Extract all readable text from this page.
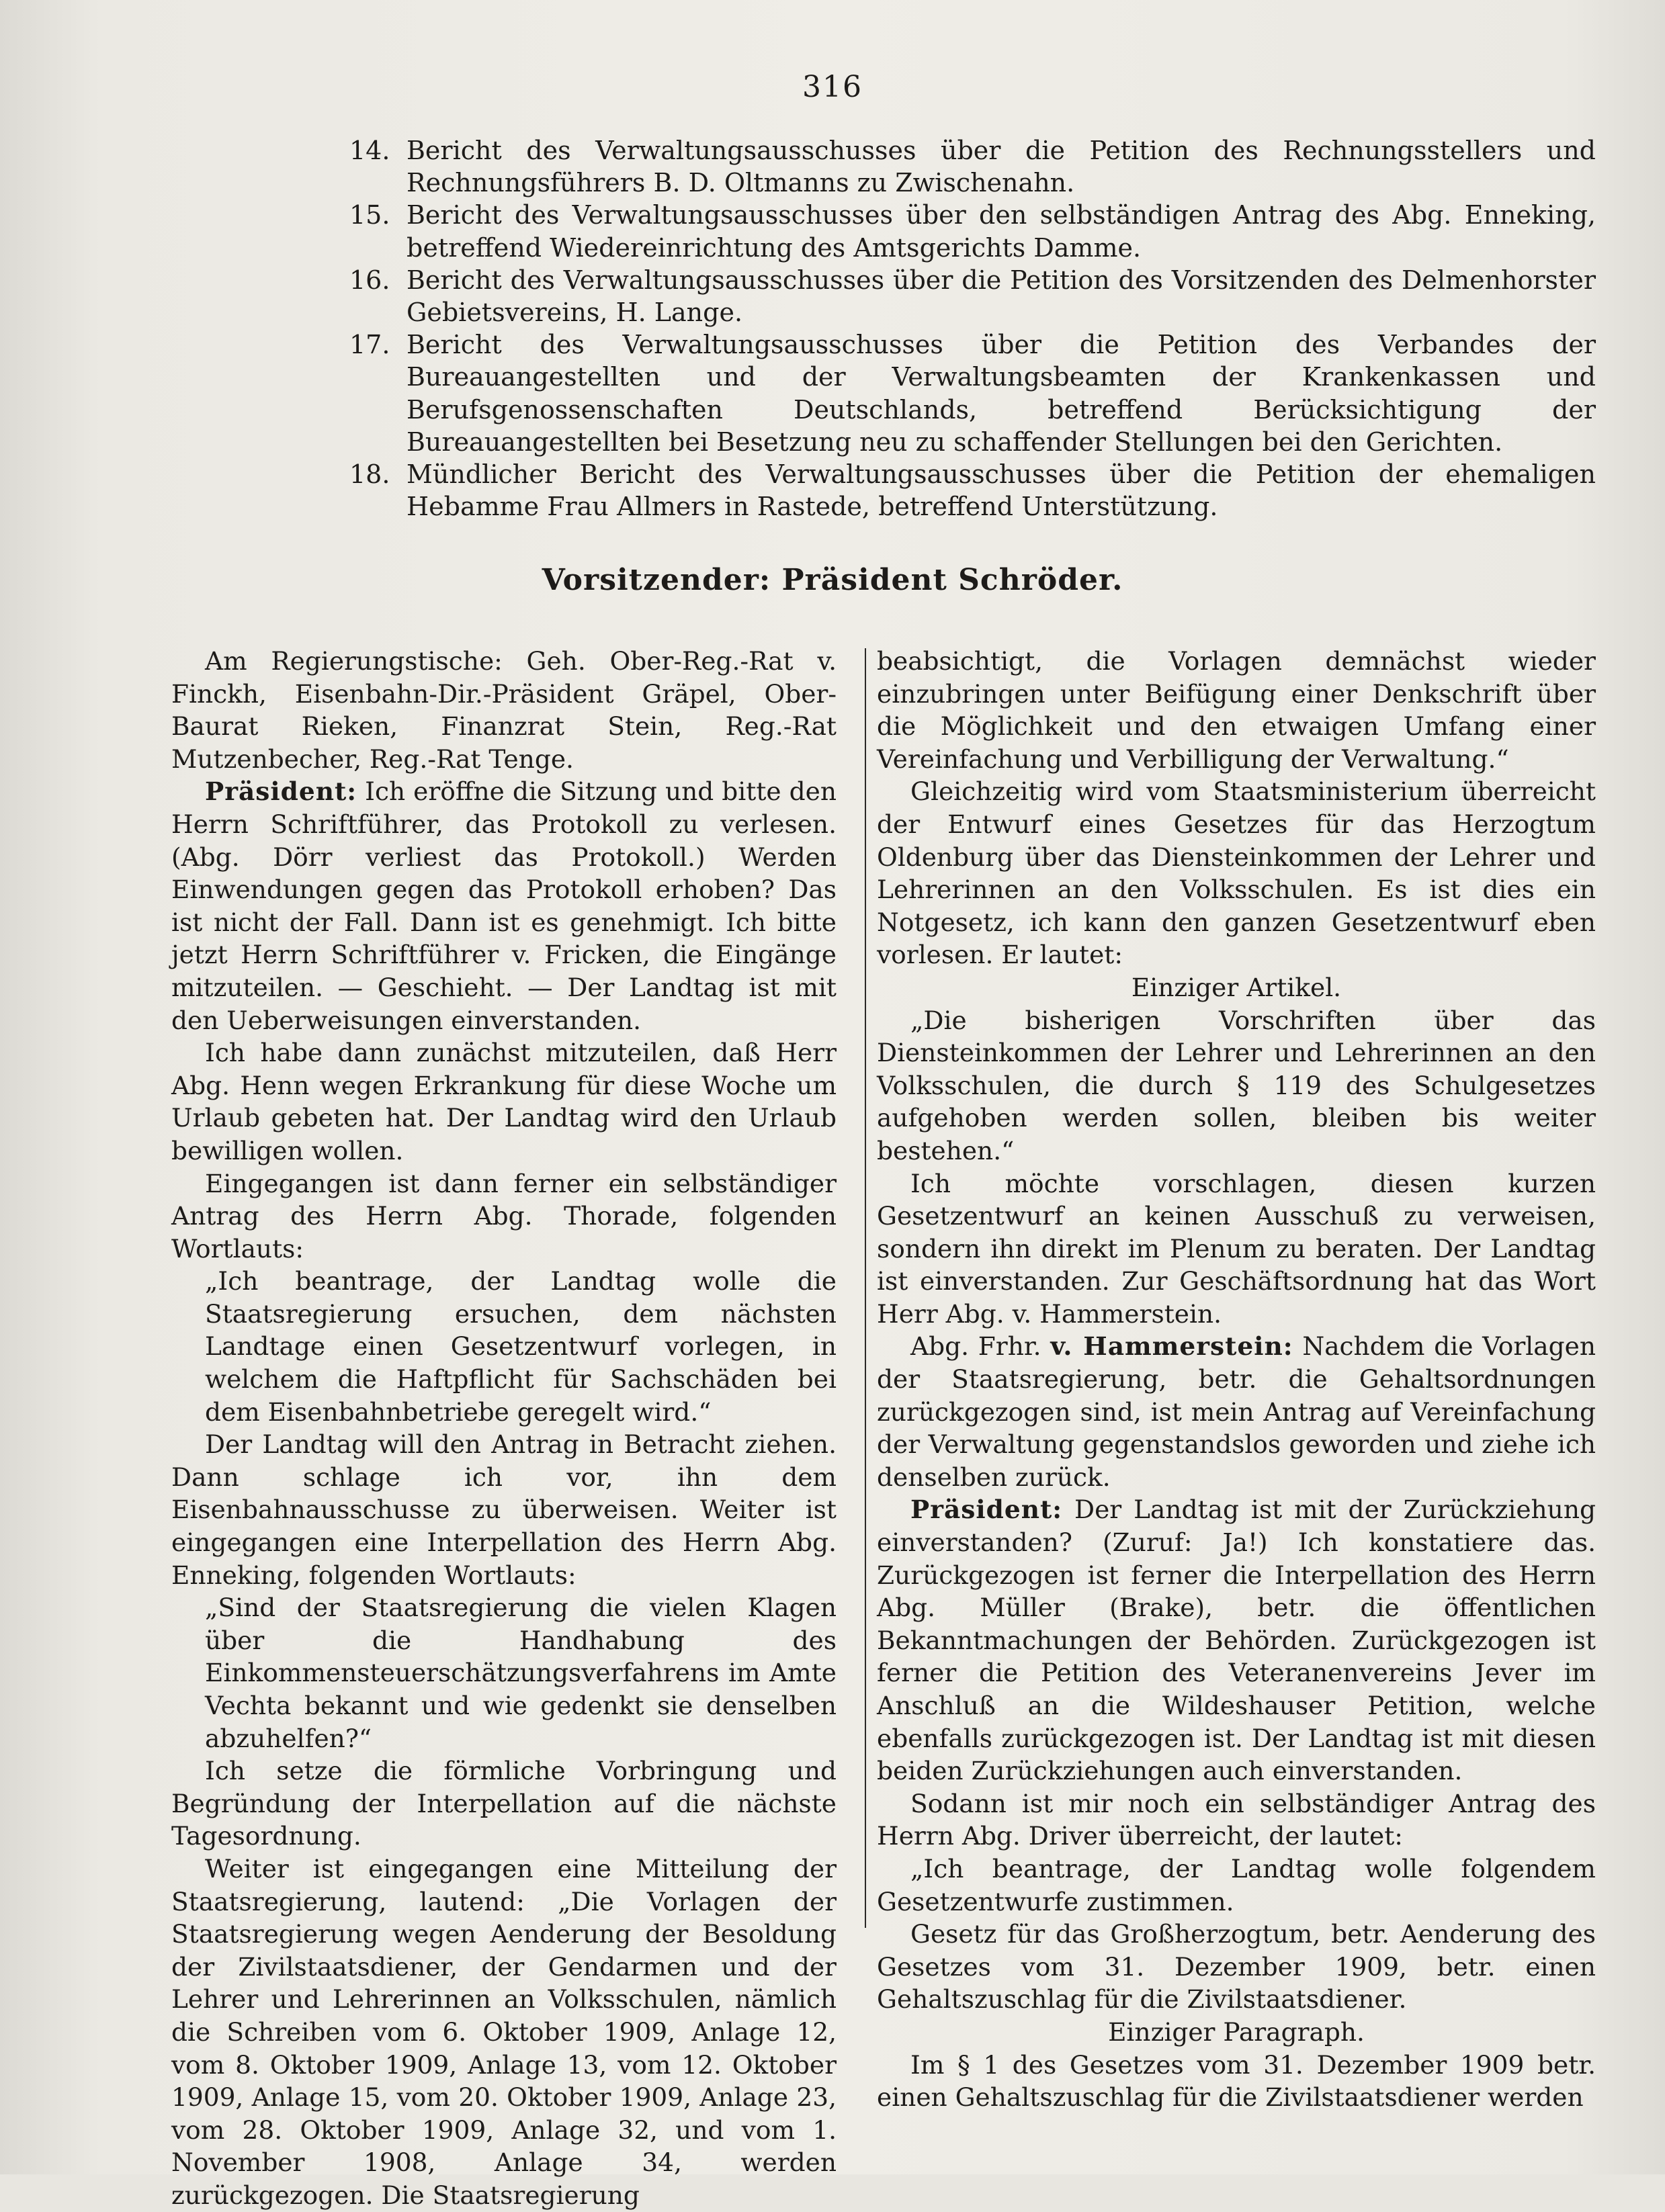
316
14. Bericht des Verwaltungsausschusses über die Petition des Rechnungsstellers und Rechnungsführers B. D. Oltmanns zu Zwischenahn.
15. Bericht des Verwaltungsausschusses über den selbständigen Antrag des Abg. Enneking, betreffend Wiedereinrichtung des Amtsgerichts Damme.
16. Bericht des Verwaltungsausschusses über die Petition des Vorsitzenden des Delmenhorster Gebietsvereins, H. Lange.
17. Bericht des Verwaltungsausschusses über die Petition des Verbandes der Bureauangestellten und der Verwaltungsbeamten der Krankenkassen und Berufsgenossenschaften Deutschlands, betreffend Berücksichtigung der Bureauangestellten bei Besetzung neu zu schaffender Stellungen bei den Gerichten.
18. Mündlicher Bericht des Verwaltungsausschusses über die Petition der ehemaligen Hebamme Frau Allmers in Rastede, betreffend Unterstützung.
Vorsitzender: Präsident Schröder.

Am Regierungstische: Geh. Ober-Reg.-Rat v. Finckh, Eisenbahn-Dir.-Präsident Gräpel, Ober-Baurat Rieken, Finanzrat Stein, Reg.-Rat Mutzenbecher, Reg.-Rat Tenge.

Präsident: Ich eröffne die Sitzung und bitte den Herrn Schriftführer, das Protokoll zu verlesen. (Abg. Dörr verliest das Protokoll.) Werden Einwendungen gegen das Protokoll erhoben? Das ist nicht der Fall. Dann ist es genehmigt. Ich bitte jetzt Herrn Schriftführer v. Fricken, die Eingänge mitzuteilen. — Geschieht. — Der Landtag ist mit den Ueberweisungen einverstanden.

Ich habe dann zunächst mitzuteilen, daß Herr Abg. Henn wegen Erkrankung für diese Woche um Urlaub gebeten hat. Der Landtag wird den Urlaub bewilligen wollen.

Eingegangen ist dann ferner ein selbständiger Antrag des Herrn Abg. Thorade, folgenden Wortlauts:

„Ich beantrage, der Landtag wolle die Staatsregierung ersuchen, dem nächsten Landtage einen Gesetzentwurf vorlegen, in welchem die Haftpflicht für Sachschäden bei dem Eisenbahnbetriebe geregelt wird.“

Der Landtag will den Antrag in Betracht ziehen. Dann schlage ich vor, ihn dem Eisenbahnausschusse zu überweisen. Weiter ist eingegangen eine Interpellation des Herrn Abg. Enneking, folgenden Wortlauts:

„Sind der Staatsregierung die vielen Klagen über die Handhabung des Einkommensteuerschätzungsverfahrens im Amte Vechta bekannt und wie gedenkt sie denselben abzuhelfen?“

Ich setze die förmliche Vorbringung und Begründung der Interpellation auf die nächste Tagesordnung.

Weiter ist eingegangen eine Mitteilung der Staatsregierung, lautend: „Die Vorlagen der Staatsregierung wegen Aenderung der Besoldung der Zivilstaatsdiener, der Gendarmen und der Lehrer und Lehrerinnen an Volksschulen, nämlich die Schreiben vom 6. Oktober 1909, Anlage 12, vom 8. Oktober 1909, Anlage 13, vom 12. Oktober 1909, Anlage 15, vom 20. Oktober 1909, Anlage 23, vom 28. Oktober 1909, Anlage 32, und vom 1. November 1908, Anlage 34, werden zurückgezogen. Die Staatsregierung

beabsichtigt, die Vorlagen demnächst wieder einzubringen unter Beifügung einer Denkschrift über die Möglichkeit und den etwaigen Umfang einer Vereinfachung und Verbilligung der Verwaltung.“

Gleichzeitig wird vom Staatsministerium überreicht der Entwurf eines Gesetzes für das Herzogtum Oldenburg über das Diensteinkommen der Lehrer und Lehrerinnen an den Volksschulen. Es ist dies ein Notgesetz, ich kann den ganzen Gesetzentwurf eben vorlesen. Er lautet:

Einziger Artikel.

„Die bisherigen Vorschriften über das Diensteinkommen der Lehrer und Lehrerinnen an den Volksschulen, die durch § 119 des Schulgesetzes aufgehoben werden sollen, bleiben bis weiter bestehen.“

Ich möchte vorschlagen, diesen kurzen Gesetzentwurf an keinen Ausschuß zu verweisen, sondern ihn direkt im Plenum zu beraten. Der Landtag ist einverstanden. Zur Geschäftsordnung hat das Wort Herr Abg. v. Hammerstein.

Abg. Frhr. v. Hammerstein: Nachdem die Vorlagen der Staatsregierung, betr. die Gehaltsordnungen zurückgezogen sind, ist mein Antrag auf Vereinfachung der Verwaltung gegenstandslos geworden und ziehe ich denselben zurück.

Präsident: Der Landtag ist mit der Zurückziehung einverstanden? (Zuruf: Ja!) Ich konstatiere das. Zurückgezogen ist ferner die Interpellation des Herrn Abg. Müller (Brake), betr. die öffentlichen Bekanntmachungen der Behörden. Zurückgezogen ist ferner die Petition des Veteranenvereins Jever im Anschluß an die Wildeshauser Petition, welche ebenfalls zurückgezogen ist. Der Landtag ist mit diesen beiden Zurückziehungen auch einverstanden.

Sodann ist mir noch ein selbständiger Antrag des Herrn Abg. Driver überreicht, der lautet:

„Ich beantrage, der Landtag wolle folgendem Gesetzentwurfe zustimmen.

Gesetz für das Großherzogtum, betr. Aenderung des Gesetzes vom 31. Dezember 1909, betr. einen Gehaltszuschlag für die Zivilstaatsdiener.

Einziger Paragraph.

Im § 1 des Gesetzes vom 31. Dezember 1909 betr. einen Gehaltszuschlag für die Zivilstaatsdiener werden
